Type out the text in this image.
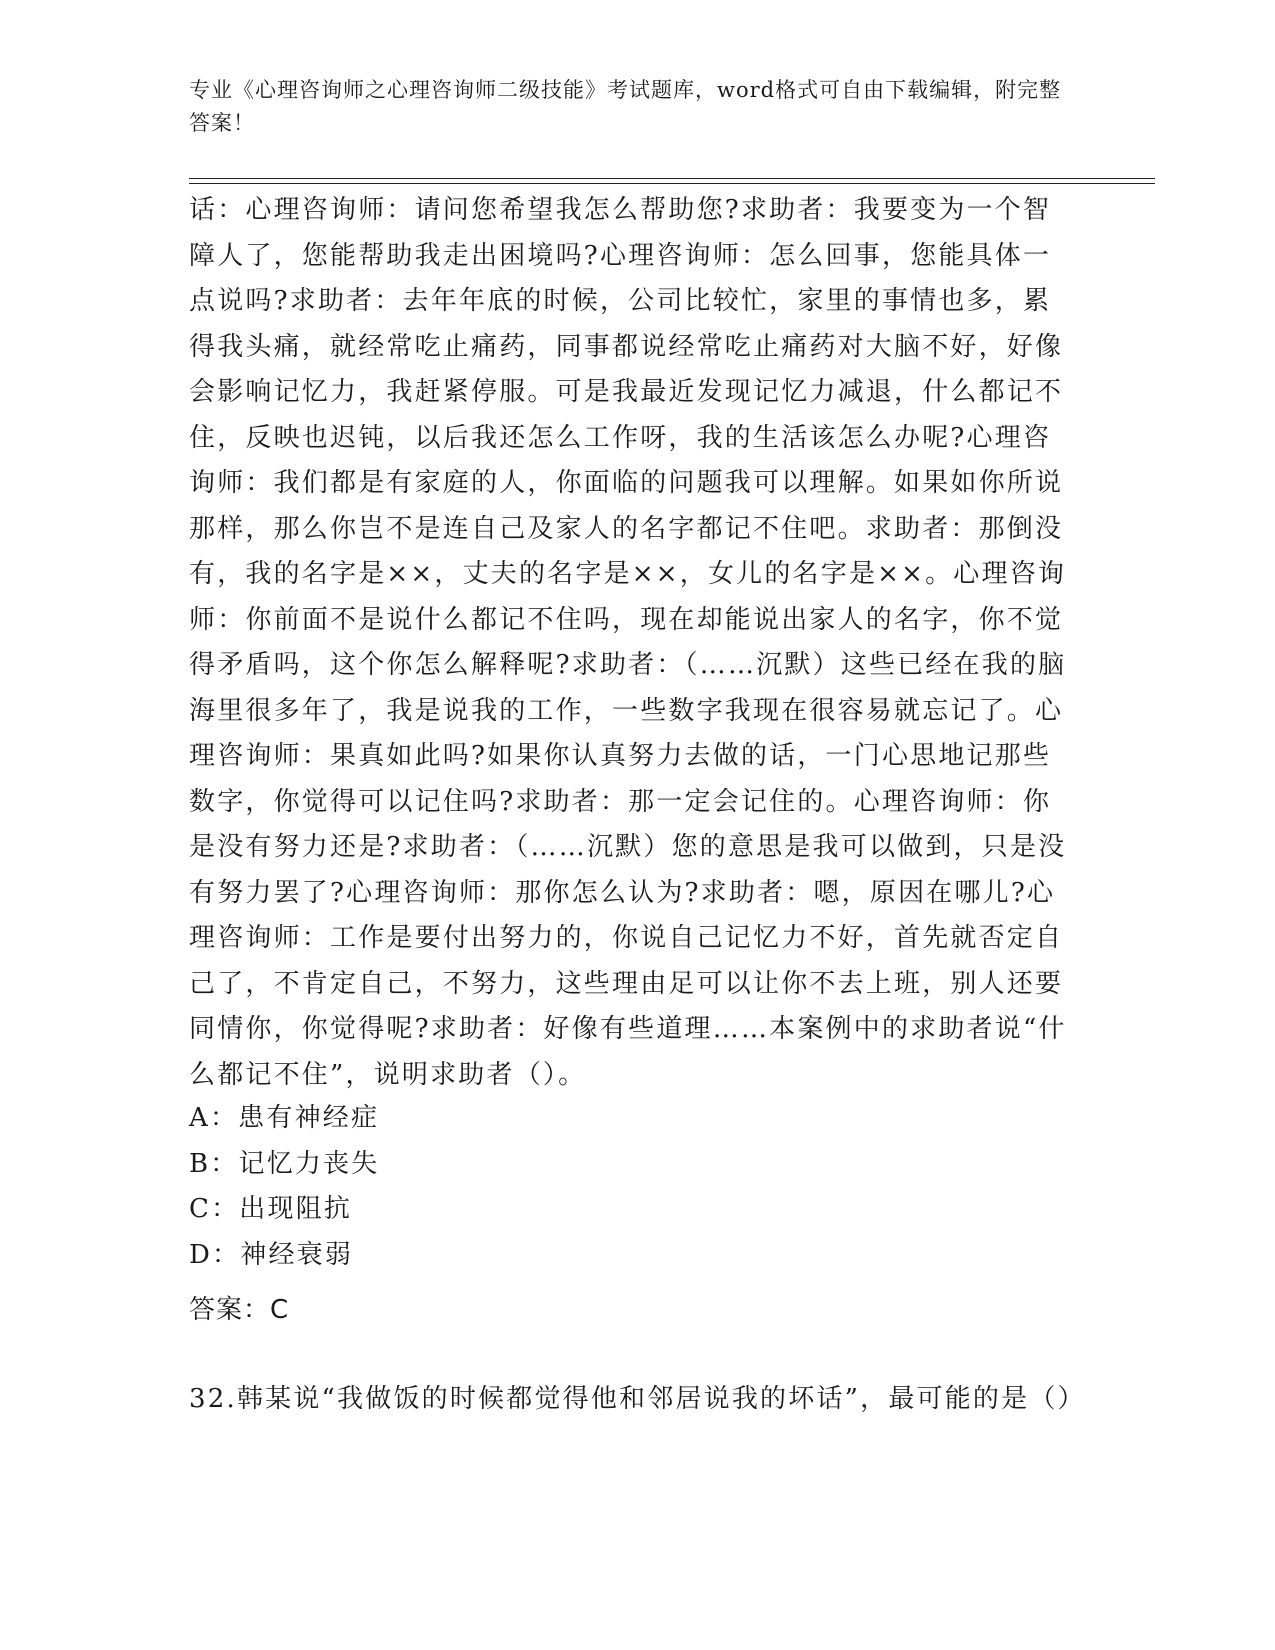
专业《心理咨询师之心理咨询师二级技能》考试题库，word格式可自由下载编辑，附完整答案！
话：心理咨询师：请问您希望我怎么帮助您?求助者：我要变为一个智障人了，您能帮助我走出困境吗?心理咨询师：怎么回事，您能具体一点说吗?求助者：去年年底的时候，公司比较忙，家里的事情也多，累得我头痛，就经常吃止痛药，同事都说经常吃止痛药对大脑不好，好像会影响记忆力，我赶紧停服。可是我最近发现记忆力减退，什么都记不住，反映也迟钝，以后我还怎么工作呀，我的生活该怎么办呢?心理咨询师：我们都是有家庭的人，你面临的问题我可以理解。如果如你所说那样，那么你岂不是连自己及家人的名字都记不住吧。求助者：那倒没有，我的名字是××，丈夫的名字是××，女儿的名字是××。心理咨询师：你前面不是说什么都记不住吗，现在却能说出家人的名字，你不觉得矛盾吗，这个你怎么解释呢?求助者：（……沉默）这些已经在我的脑海里很多年了，我是说我的工作，一些数字我现在很容易就忘记了。心理咨询师：果真如此吗?如果你认真努力去做的话，一门心思地记那些数字，你觉得可以记住吗?求助者：那一定会记住的。心理咨询师：你是没有努力还是?求助者：（……沉默）您的意思是我可以做到，只是没有努力罢了?心理咨询师：那你怎么认为?求助者：嗯，原因在哪儿?心理咨询师：工作是要付出努力的，你说自己记忆力不好，首先就否定自己了，不肯定自己，不努力，这些理由足可以让你不去上班，别人还要同情你，你觉得呢?求助者：好像有些道理……本案例中的求助者说“什么都记不住”，说明求助者（）。
A：患有神经症
B：记忆力丧失
C：出现阻抗
D：神经衰弱
答案：C
32.韩某说“我做饭的时候都觉得他和邻居说我的坏话”，最可能的是（）
